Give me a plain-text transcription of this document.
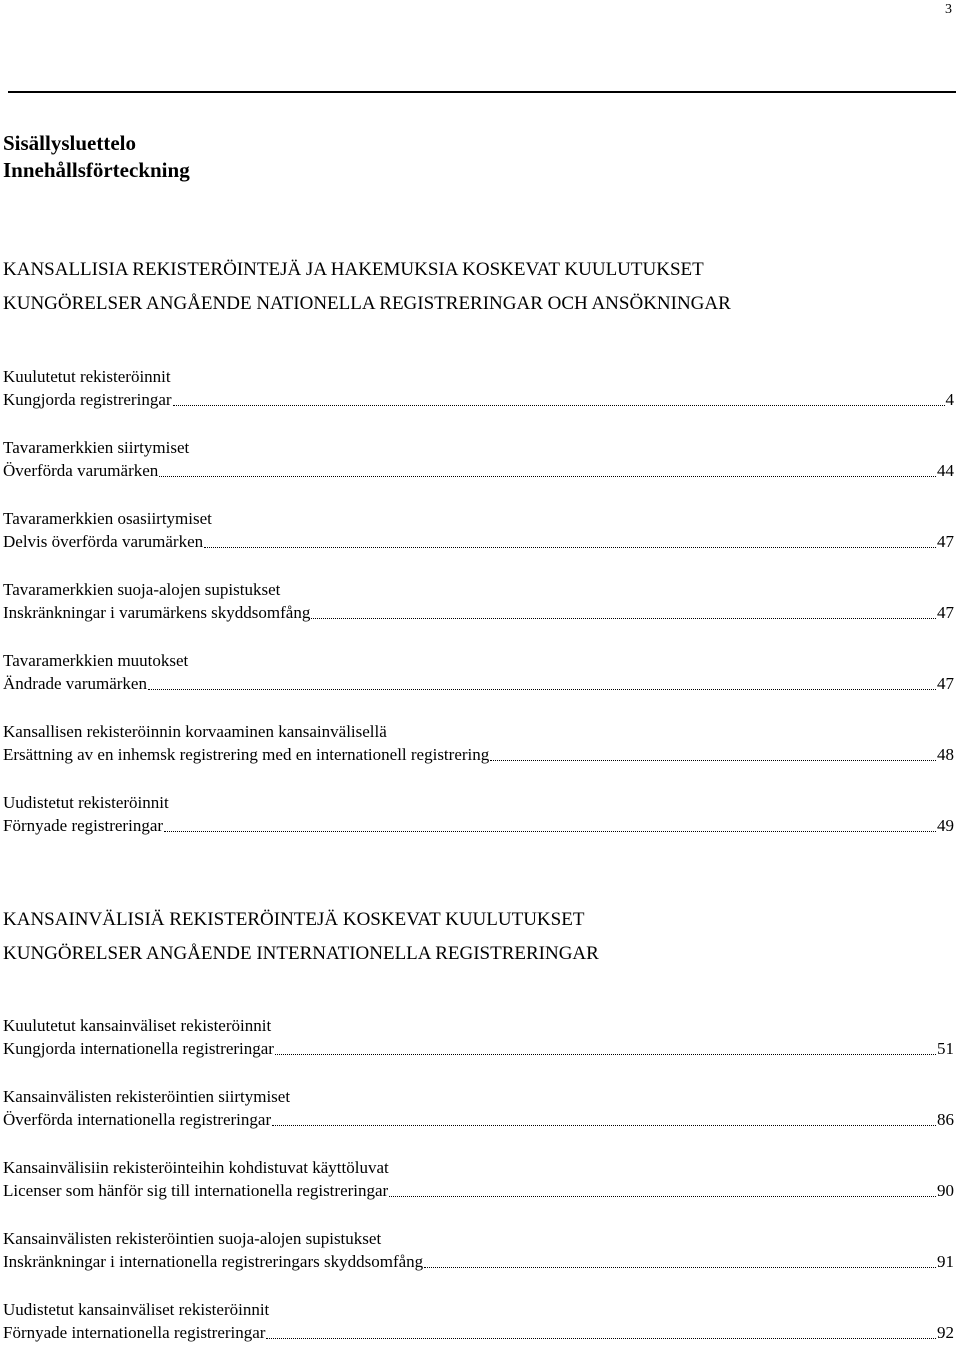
3
Sisällysluettelo
Innehållsförteckning
KANSALLISIA REKISTERÖINTEJÄ JA HAKEMUKSIA KOSKEVAT KUULUTUKSET
KUNGÖRELSER ANGÅENDE NATIONELLA REGISTRERINGAR OCH ANSÖKNINGAR
Kuulutetut rekisteröinnit
Kungjorda registreringar	4
Tavaramerkkien siirtymiset
Överförda varumärken	44
Tavaramerkkien osasiirtymiset
Delvis överförda varumärken	47
Tavaramerkkien suoja-alojen supistukset
Inskränkningar i varumärkens skyddsomfång	47
Tavaramerkkien muutokset
Ändrade varumärken	47
Kansallisen rekisteröinnin korvaaminen kansainvälisellä
Ersättning av en inhemsk registrering med en internationell registrering	48
Uudistetut rekisteröinnit
Förnyade registreringar	49
KANSAINVÄLISIÄ REKISTERÖINTEJÄ KOSKEVAT KUULUTUKSET
KUNGÖRELSER ANGÅENDE INTERNATIONELLA REGISTRERINGAR
Kuulutetut kansainväliset rekisteröinnit
Kungjorda internationella registreringar	51
Kansainvälisten rekisteröintien siirtymiset
Överförda internationella registreringar	86
Kansainvälisiin rekisteröinteihin kohdistuvat käyttöluvat
Licenser som hänför sig till internationella registreringar	90
Kansainvälisten rekisteröintien suoja-alojen supistukset
Inskränkningar i internationella registreringars skyddsomfång	91
Uudistetut kansainväliset rekisteröinnit
Förnyade internationella registreringar	92
